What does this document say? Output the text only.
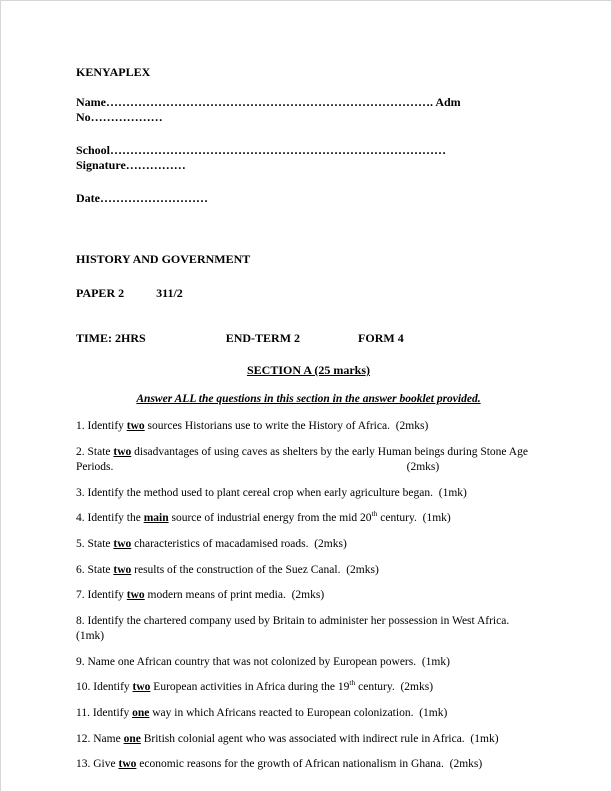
KENYAPLEX

Name………………………………………………………………………. Adm No………………

School…………………………………………………………………………Signature……………

Date………………………

HISTORY AND GOVERNMENT

PAPER 2	311/2

TIME: 2HRS	END-TERM 2	FORM 4

SECTION A (25 marks)

Answer ALL the questions in this section in the answer booklet provided.

1. Identify two sources Historians use to write the History of Africa.  (2mks)

2. State two disadvantages of using caves as shelters by the early Human beings during Stone Age Periods.                                                                                                      (2mks)

3. Identify the method used to plant cereal crop when early agriculture began.  (1mk)

4. Identify the main source of industrial energy from the mid 20th century.  (1mk)

5. State two characteristics of macadamised roads.  (2mks)

6. State two results of the construction of the Suez Canal.  (2mks)

7. Identify two modern means of print media.  (2mks)

8. Identify the chartered company used by Britain to administer her possession in West Africa.  (1mk)

9. Name one African country that was not colonized by European powers.  (1mk)

10. Identify two European activities in Africa during the 19th century.  (2mks)

11. Identify one way in which Africans reacted to European colonization.  (1mk)

12. Name one British colonial agent who was associated with indirect rule in Africa.  (1mk)

13. Give two economic reasons for the growth of African nationalism in Ghana.  (2mks)
